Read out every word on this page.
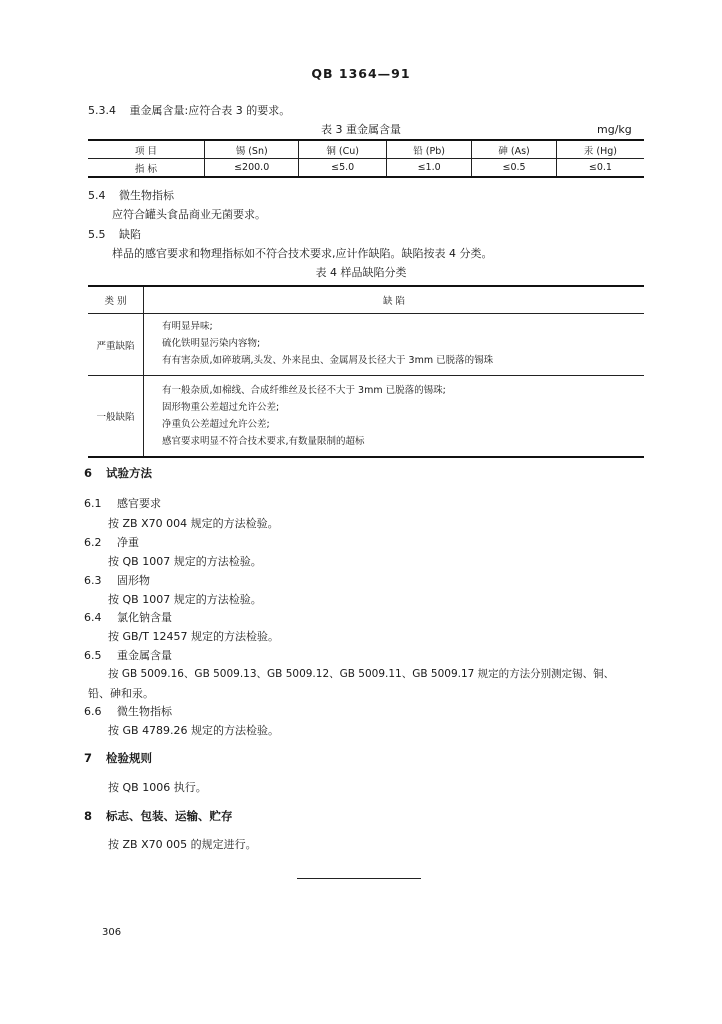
QB 1364—91
5.3.4 重金属含量:应符合表 3 的要求。
表 3 重金属含量	mg/kg
项 目	锡 (Sn)	铜 (Cu)	铅 (Pb)	砷 (As)	汞 (Hg)
指 标	≤200.0	≤5.0	≤1.0	≤0.5	≤0.1
5.4 微生物指标
应符合罐头食品商业无菌要求。
5.5 缺陷
样品的感官要求和物理指标如不符合技术要求,应计作缺陷。缺陷按表 4 分类。
表 4 样品缺陷分类
类 别	缺 陷
严重缺陷	有明显异味;
硫化铁明显污染内容物;
有有害杂质,如碎玻璃,头发、外来昆虫、金属屑及长径大于 3mm 已脱落的锡珠

一般缺陷	有一般杂质,如棉线、合成纤维丝及长径不大于 3mm 已脱落的锡珠;
固形物重公差超过允许公差;
净重负公差超过允许公差;
感官要求明显不符合技术要求,有数量限制的超标
6 试验方法
6.1 感官要求
按 ZB X70 004 规定的方法检验。
6.2 净重
按 QB 1007 规定的方法检验。
6.3 固形物
按 QB 1007 规定的方法检验。
6.4 氯化钠含量
按 GB/T 12457 规定的方法检验。
6.5 重金属含量
按 GB 5009.16、GB 5009.13、GB 5009.12、GB 5009.11、GB 5009.17 规定的方法分别测定锡、铜、
铅、砷和汞。
6.6 微生物指标
按 GB 4789.26 规定的方法检验。
7 检验规则
按 QB 1006 执行。
8 标志、包装、运输、贮存
按 ZB X70 005 的规定进行。
306
